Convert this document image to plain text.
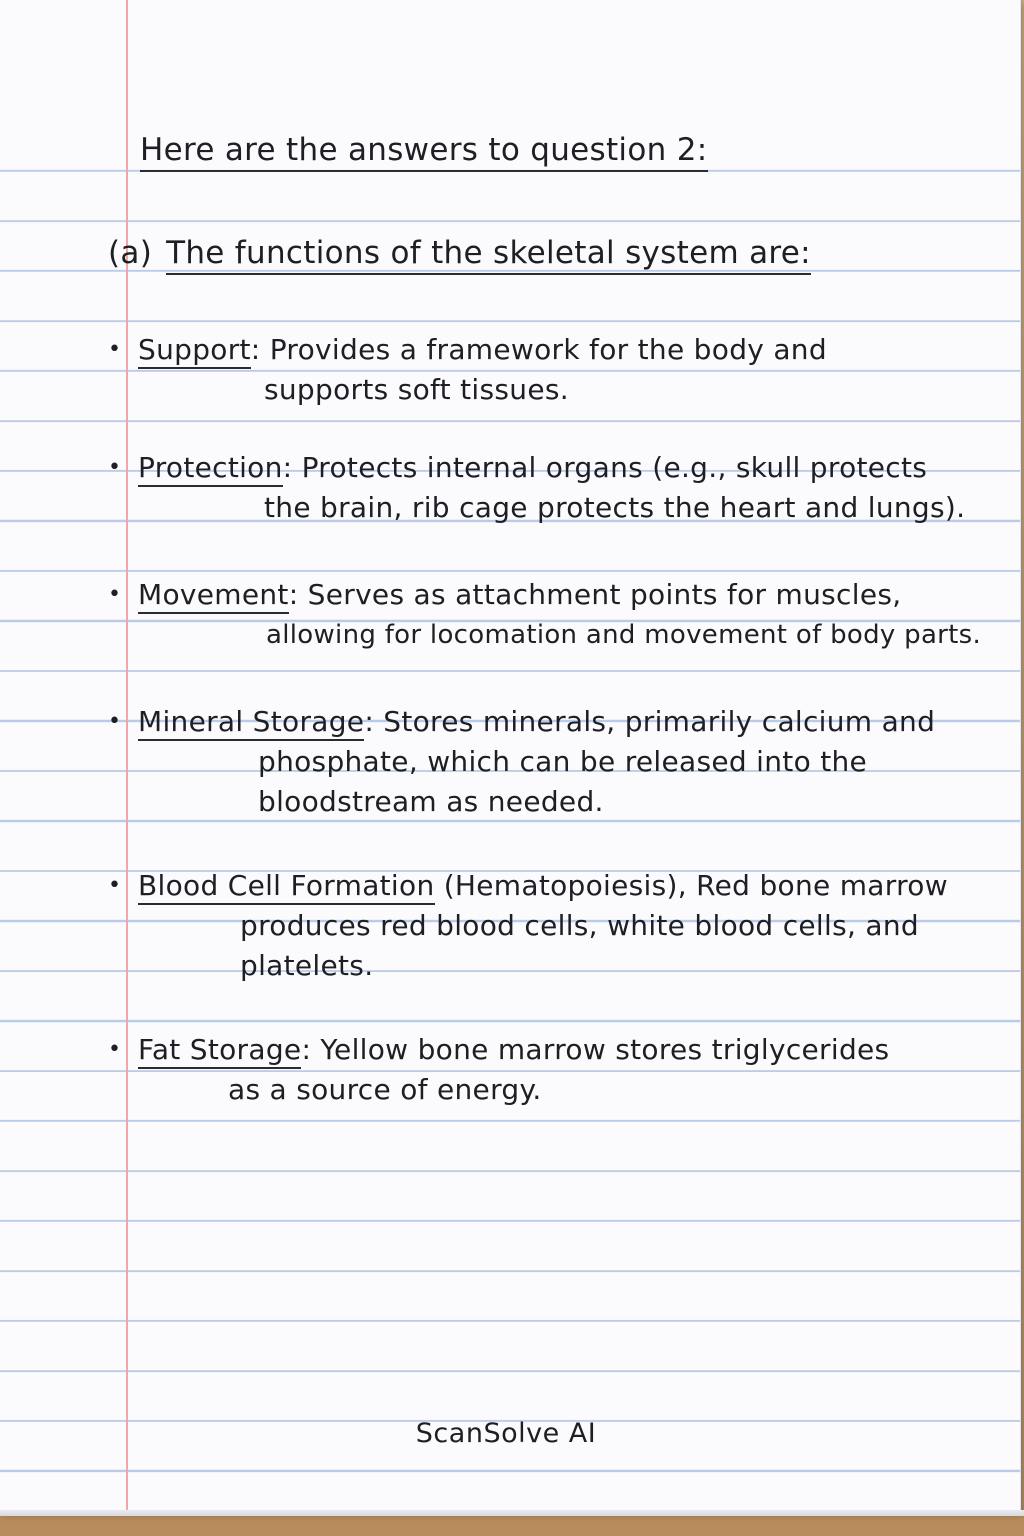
Here are the answers to question 2:
(a) The functions of the skeletal system are:
• Support: Provides a framework for the body and
supports soft tissues.
• Protection: Protects internal organs (e.g., skull protects
the brain, rib cage protects the heart and lungs).
• Movement: Serves as attachment points for muscles,
allowing for locomation and movement of body parts.
• Mineral Storage: Stores minerals, primarily calcium and
phosphate, which can be released into the
bloodstream as needed.
• Blood Cell Formation (Hematopoiesis), Red bone marrow
produces red blood cells, white blood cells, and
platelets.
• Fat Storage: Yellow bone marrow stores triglycerides
as a source of energy.
ScanSolve AI
